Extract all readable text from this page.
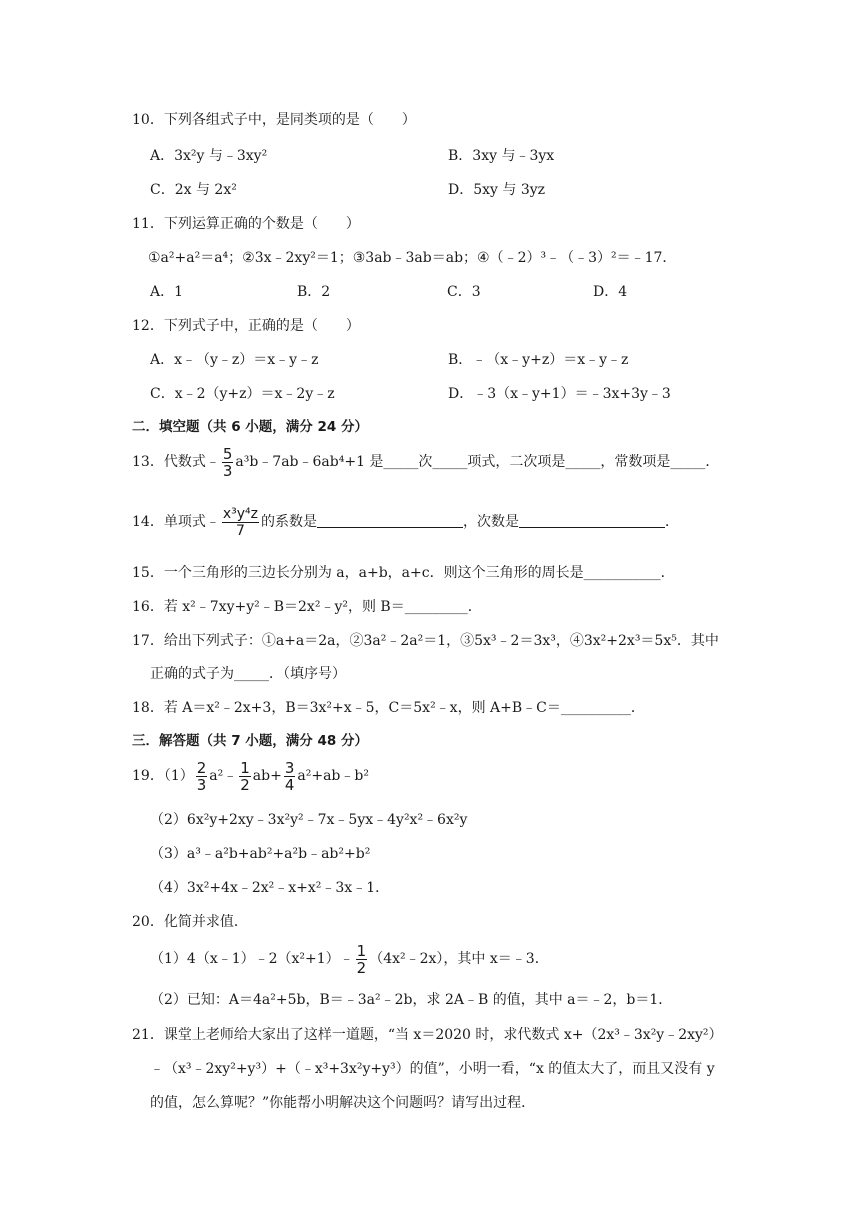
10．下列各组式子中，是同类项的是（　　）
A．3x²y 与﹣3xy²	B．3xy 与﹣3yx
C．2x 与 2x²	D．5xy 与 3yz
11．下列运算正确的个数是（　　）
①a²+a²＝a⁴；②3x﹣2xy²＝1；③3ab﹣3ab＝ab；④（﹣2）³﹣（﹣3）²＝﹣17．
A．1	B．2	C．3	D．4
12．下列式子中，正确的是（　　）
A．x﹣（y﹣z）＝x﹣y﹣z	B．﹣（x﹣y+z）＝x﹣y﹣z
C．x﹣2（y+z）＝x﹣2y﹣z	D．﹣3（x﹣y+1）＝﹣3x+3y﹣3
二．填空题（共 6 小题，满分 24 分）
13．代数式﹣ $\frac{5}{3}$ a³b﹣7ab﹣6ab⁴+1 是_____次_____项式，二次项是_____，常数项是_____．
14．单项式﹣ $\frac{\text{x³y⁴z}}{7}$ 的系数是	，次数是	．
15．一个三角形的三边长分别为 a，a+b，a+c．则这个三角形的周长是___________．
16．若 x²﹣7xy+y²﹣B＝2x²﹣y²，则 B＝_________．
17．给出下列式子：①a+a＝2a，②3a²﹣2a²＝1，③5x³﹣2＝3x³，④3x²+2x³＝5x⁵．其中
正确的式子为_____．（填序号）
18．若 A＝x²﹣2x+3，B＝3x²+x﹣5，C＝5x²﹣x，则 A+B﹣C＝__________．
三．解答题（共 7 小题，满分 48 分）
19．$(1) \frac{2}{3}$ a²﹣ $\frac{1}{2} ab+ \frac{3}{4}$ a²+ab﹣b²
（2）6x²y+2xy﹣3x²y²﹣7x﹣5yx﹣4y²x²﹣6x²y
（3）a³﹣a²b+ab²+a²b﹣ab²+b²
（4）3x²+4x﹣2x²﹣x+x²﹣3x﹣1．
20．化简并求值．
（1）4（x﹣1）﹣2（x²+1）﹣ $\frac{1}{2}$ （4x²﹣2x），其中 x＝﹣3．
（2）已知：A＝4a²+5b，B＝﹣3a²﹣2b，求 2A﹣B 的值，其中 a＝﹣2，b＝1．
21．课堂上老师给大家出了这样一道题，“当 x＝2020 时，求代数式 x+（2x³﹣3x²y﹣2xy²）
﹣（x³﹣2xy²+y³）+（﹣x³+3x²y+y³）的值”，小明一看，“x 的值太大了，而且又没有 y
的值，怎么算呢？”你能帮小明解决这个问题吗？请写出过程．
